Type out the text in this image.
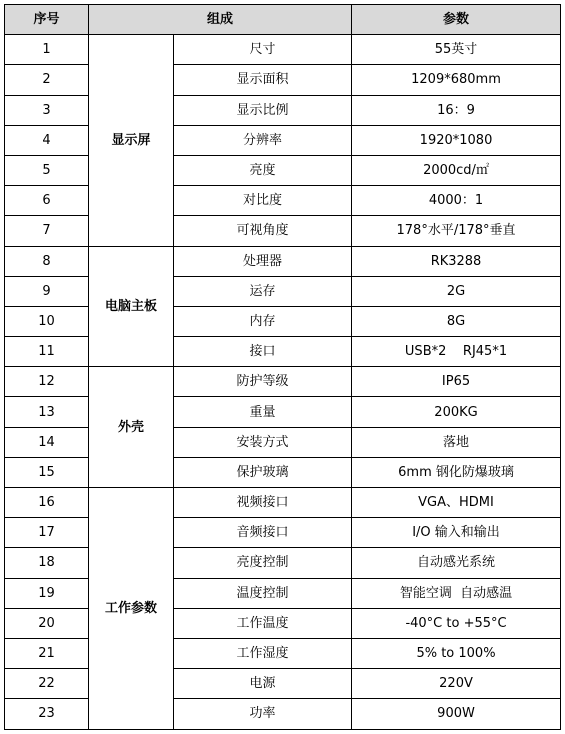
序号	组成		参数
1	显示屏	尺寸	55英寸
2		显示面积	1209*680mm
3		显示比例	16：9
4		分辨率	1920*1080
5		亮度	2000cd/㎡
6		对比度	4000：1
7		可视角度	178°水平/178°垂直
8	电脑主板	处理器	RK3288
9		运存	2G
10		内存	8G
11		接口	USB*2    RJ45*1
12	外壳	防护等级	IP65
13		重量	200KG
14		安装方式	落地
15		保护玻璃	6mm 钢化防爆玻璃
16	工作参数	视频接口	VGA、HDMI
17		音频接口	I/O 输入和输出
18		亮度控制	自动感光系统
19		温度控制	智能空调  自动感温
20		工作温度	-40°C to +55°C
21		工作湿度	5% to 100%
22		电源	220V
23		功率	900W
